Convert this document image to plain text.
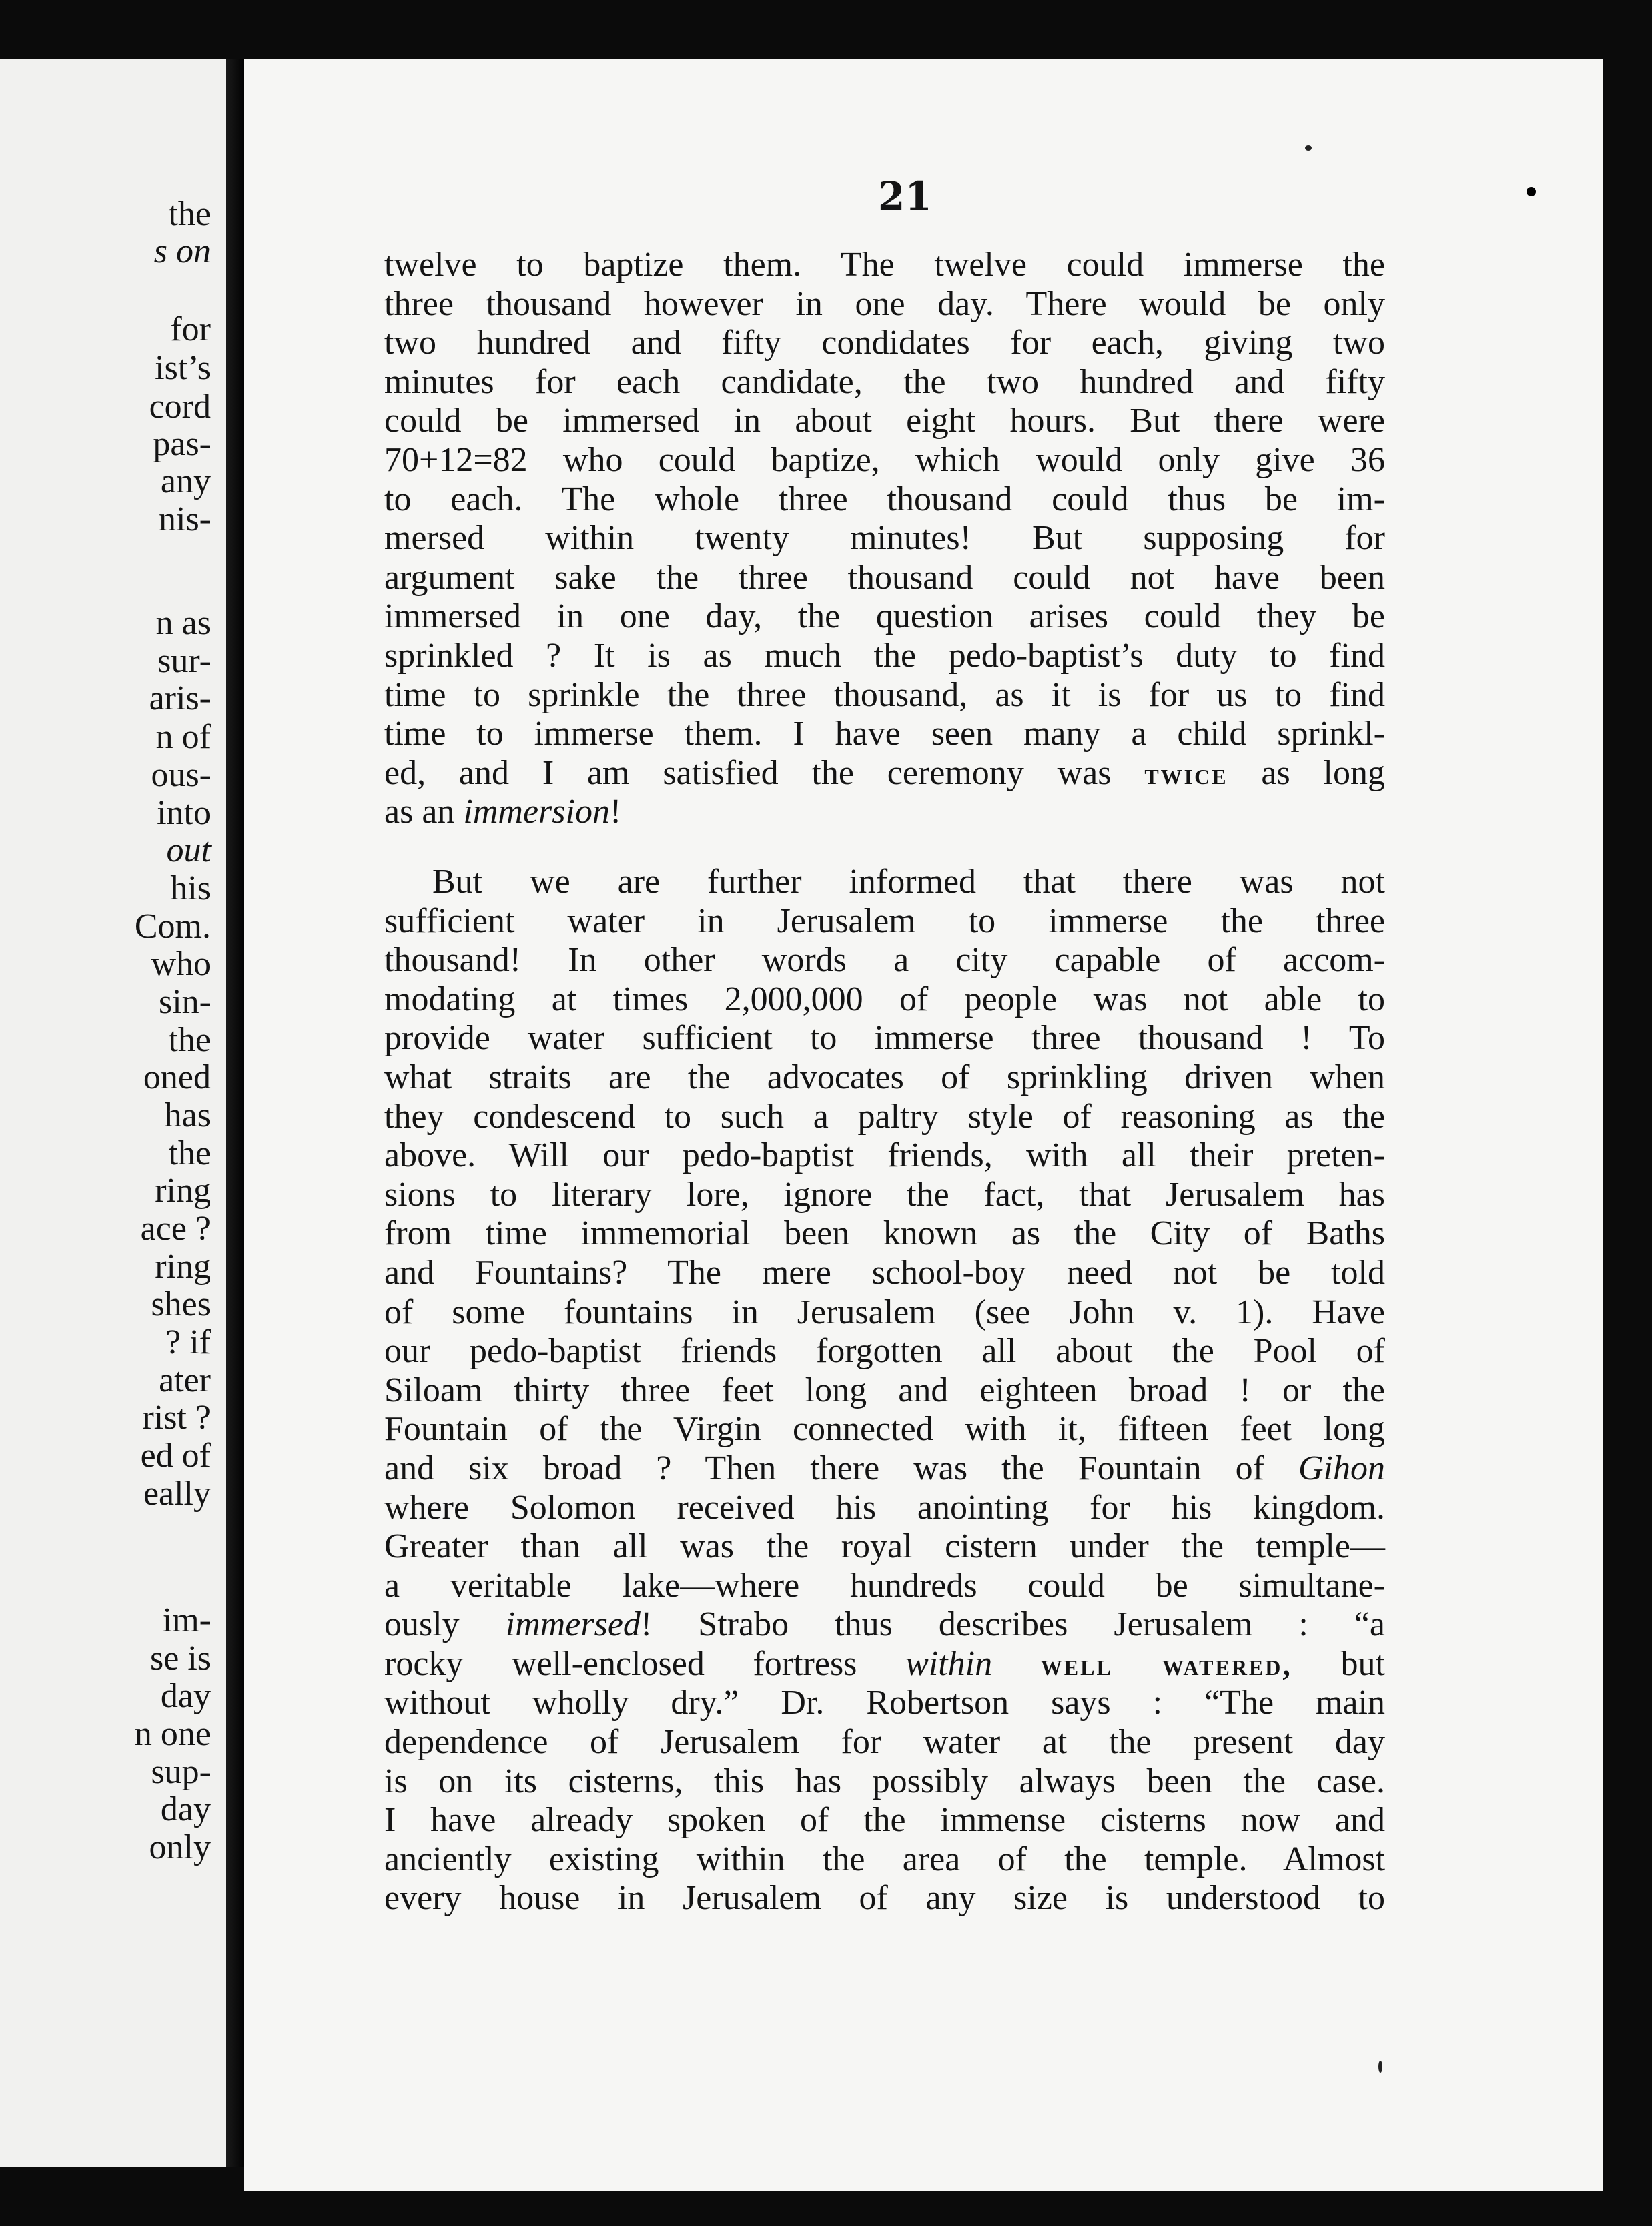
the
s on
for
ist’s
cord
pas-
any
nis-
n as
sur-
aris-
n of
ous-
into
out
his
Com.
who
sin-
the
oned
has
the
ring
ace ?
ring
shes
? if
ater
rist ?
ed of
eally
im-
se is
day
n one
sup-
day
only
21
twelve to baptize them. The twelve could immerse the
three thousand however in one day. There would be only
two hundred and fifty condidates for each, giving two
minutes for each candidate, the two hundred and fifty
could be immersed in about eight hours. But there were
70+12=82 who could baptize, which would only give 36
to each. The whole three thousand could thus be im-
mersed within twenty minutes! But supposing for
argument sake the three thousand could not have been
immersed in one day, the question arises could they be
sprinkled ? It is as much the pedo-baptist’s duty to find
time to sprinkle the three thousand, as it is for us to find
time to immerse them. I have seen many a child sprinkl-
ed, and I am satisfied the ceremony was twice as long
as an immersion!
But we are further informed that there was not
sufficient water in Jerusalem to immerse the three
thousand! In other words a city capable of accom-
modating at times 2,000,000 of people was not able to
provide water sufficient to immerse three thousand ! To
what straits are the advocates of sprinkling driven when
they condescend to such a paltry style of reasoning as the
above. Will our pedo-baptist friends, with all their preten-
sions to literary lore, ignore the fact, that Jerusalem has
from time immemorial been known as the City of Baths
and Fountains? The mere school-boy need not be told
of some fountains in Jerusalem (see John v. 1). Have
our pedo-baptist friends forgotten all about the Pool of
Siloam thirty three feet long and eighteen broad ! or the
Fountain of the Virgin connected with it, fifteen feet long
and six broad ? Then there was the Fountain of Gihon
where Solomon received his anointing for his kingdom.
Greater than all was the royal cistern under the temple—
a veritable lake—where hundreds could be simultane-
ously immersed! Strabo thus describes Jerusalem : “a
rocky well-enclosed fortress within well watered, but
without wholly dry.” Dr. Robertson says : “The main
dependence of Jerusalem for water at the present day
is on its cisterns, this has possibly always been the case.
I have already spoken of the immense cisterns now and
anciently existing within the area of the temple. Almost
every house in Jerusalem of any size is understood to
